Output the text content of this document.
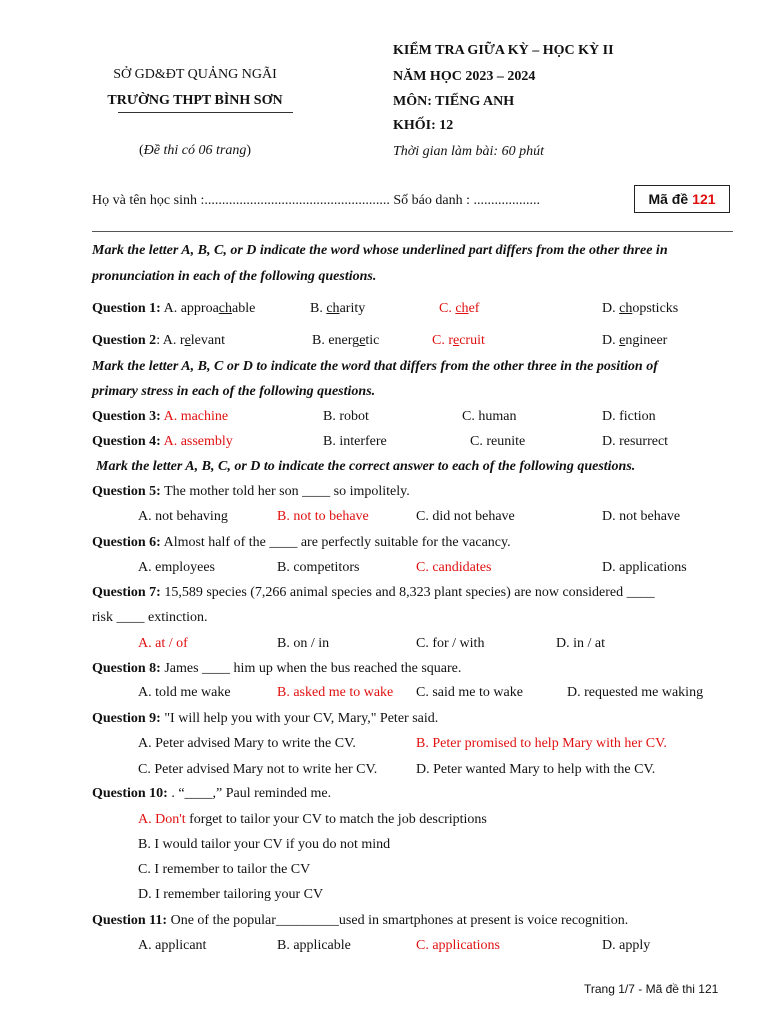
SỞ GD&ĐT QUẢNG NGÃI
TRƯỜNG THPT BÌNH SƠN
(Đề thi có 06 trang)
KIỂM TRA GIỮA KỲ – HỌC KỲ II
NĂM HỌC 2023 – 2024
MÔN: TIẾNG ANH
KHỐI: 12
Thời gian làm bài: 60 phút
Họ và tên học sinh :..................................................... Số báo danh : ...................	Mã đề 121
Mark the letter A, B, C, or D indicate the word whose underlined part differs from the other three in
pronunciation in each of the following questions.
Question 1: A. approachable	B. charity	C. chef	D. chopsticks
Question 2: A. relevant	B. energetic	C. recruit	D. engineer
Mark the letter A, B, C or D to indicate the word that differs from the other three in the position of
primary stress in each of the following questions.
Question 3: A. machine	B. robot	C. human	D. fiction
Question 4: A. assembly	B. interfere	C. reunite	D. resurrect
Mark the letter A, B, C, or D to indicate the correct answer to each of the following questions.
Question 5: The mother told her son ____ so impolitely.
A. not behaving	B. not to behave	C. did not behave	D. not behave
Question 6: Almost half of the ____ are perfectly suitable for the vacancy.
A. employees	B. competitors	C. candidates	D. applications
Question 7: 15,589 species (7,266 animal species and 8,323 plant species) are now considered ____
risk ____ extinction.
A. at / of	B. on / in	C. for / with	D. in / at
Question 8: James ____ him up when the bus reached the square.
A. told me wake	B. asked me to wake C. said me to wake	D. requested me waking
Question 9: "I will help you with your CV, Mary," Peter said.
A. Peter advised Mary to write the CV.	B. Peter promised to help Mary with her CV.
C. Peter advised Mary not to write her CV.	D. Peter wanted Mary to help with the CV.
Question 10: . “____,” Paul reminded me.
A. Don't forget to tailor your CV to match the job descriptions
B. I would tailor your CV if you do not mind
C. I remember to tailor the CV
D. I remember tailoring your CV
Question 11: One of the popular_________used in smartphones at present is voice recognition.
A. applicant	B. applicable	C. applications	D. apply
Trang 1/7 - Mã đề thi 121
